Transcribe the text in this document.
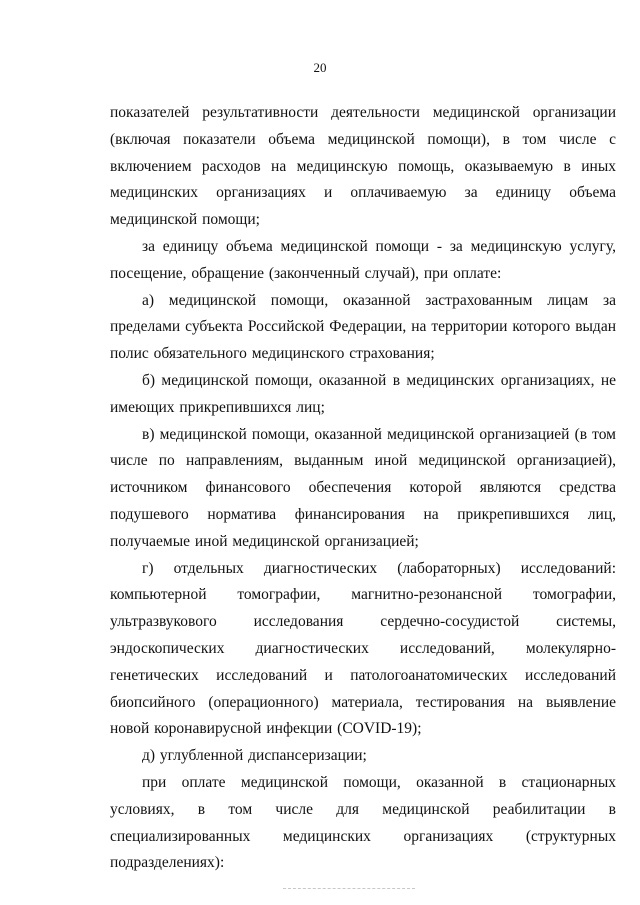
20

показателей результативности деятельности медицинской организации (включая показатели объема медицинской помощи), в том числе с включением расходов на медицинскую помощь, оказываемую в иных медицинских организациях и оплачиваемую за единицу объема медицинской помощи;

за единицу объема медицинской помощи - за медицинскую услугу, посещение, обращение (законченный случай), при оплате:

а) медицинской помощи, оказанной застрахованным лицам за пределами субъекта Российской Федерации, на территории которого выдан полис обязательного медицинского страхования;

б) медицинской помощи, оказанной в медицинских организациях, не имеющих прикрепившихся лиц;

в) медицинской помощи, оказанной медицинской организацией (в том числе по направлениям, выданным иной медицинской организацией), источником финансового обеспечения которой являются средства подушевого норматива финансирования на прикрепившихся лиц, получаемые иной медицинской организацией;

г) отдельных диагностических (лабораторных) исследований: компьютерной томографии, магнитно-резонансной томографии, ультразвукового исследования сердечно-сосудистой системы, эндоскопических диагностических исследований, молекулярно-генетических исследований и патологоанатомических исследований биопсийного (операционного) материала, тестирования на выявление новой коронавирусной инфекции (COVID-19);

д) углубленной диспансеризации;

при оплате медицинской помощи, оказанной в стационарных условиях, в том числе для медицинской реабилитации в специализированных медицинских организациях (структурных подразделениях):
